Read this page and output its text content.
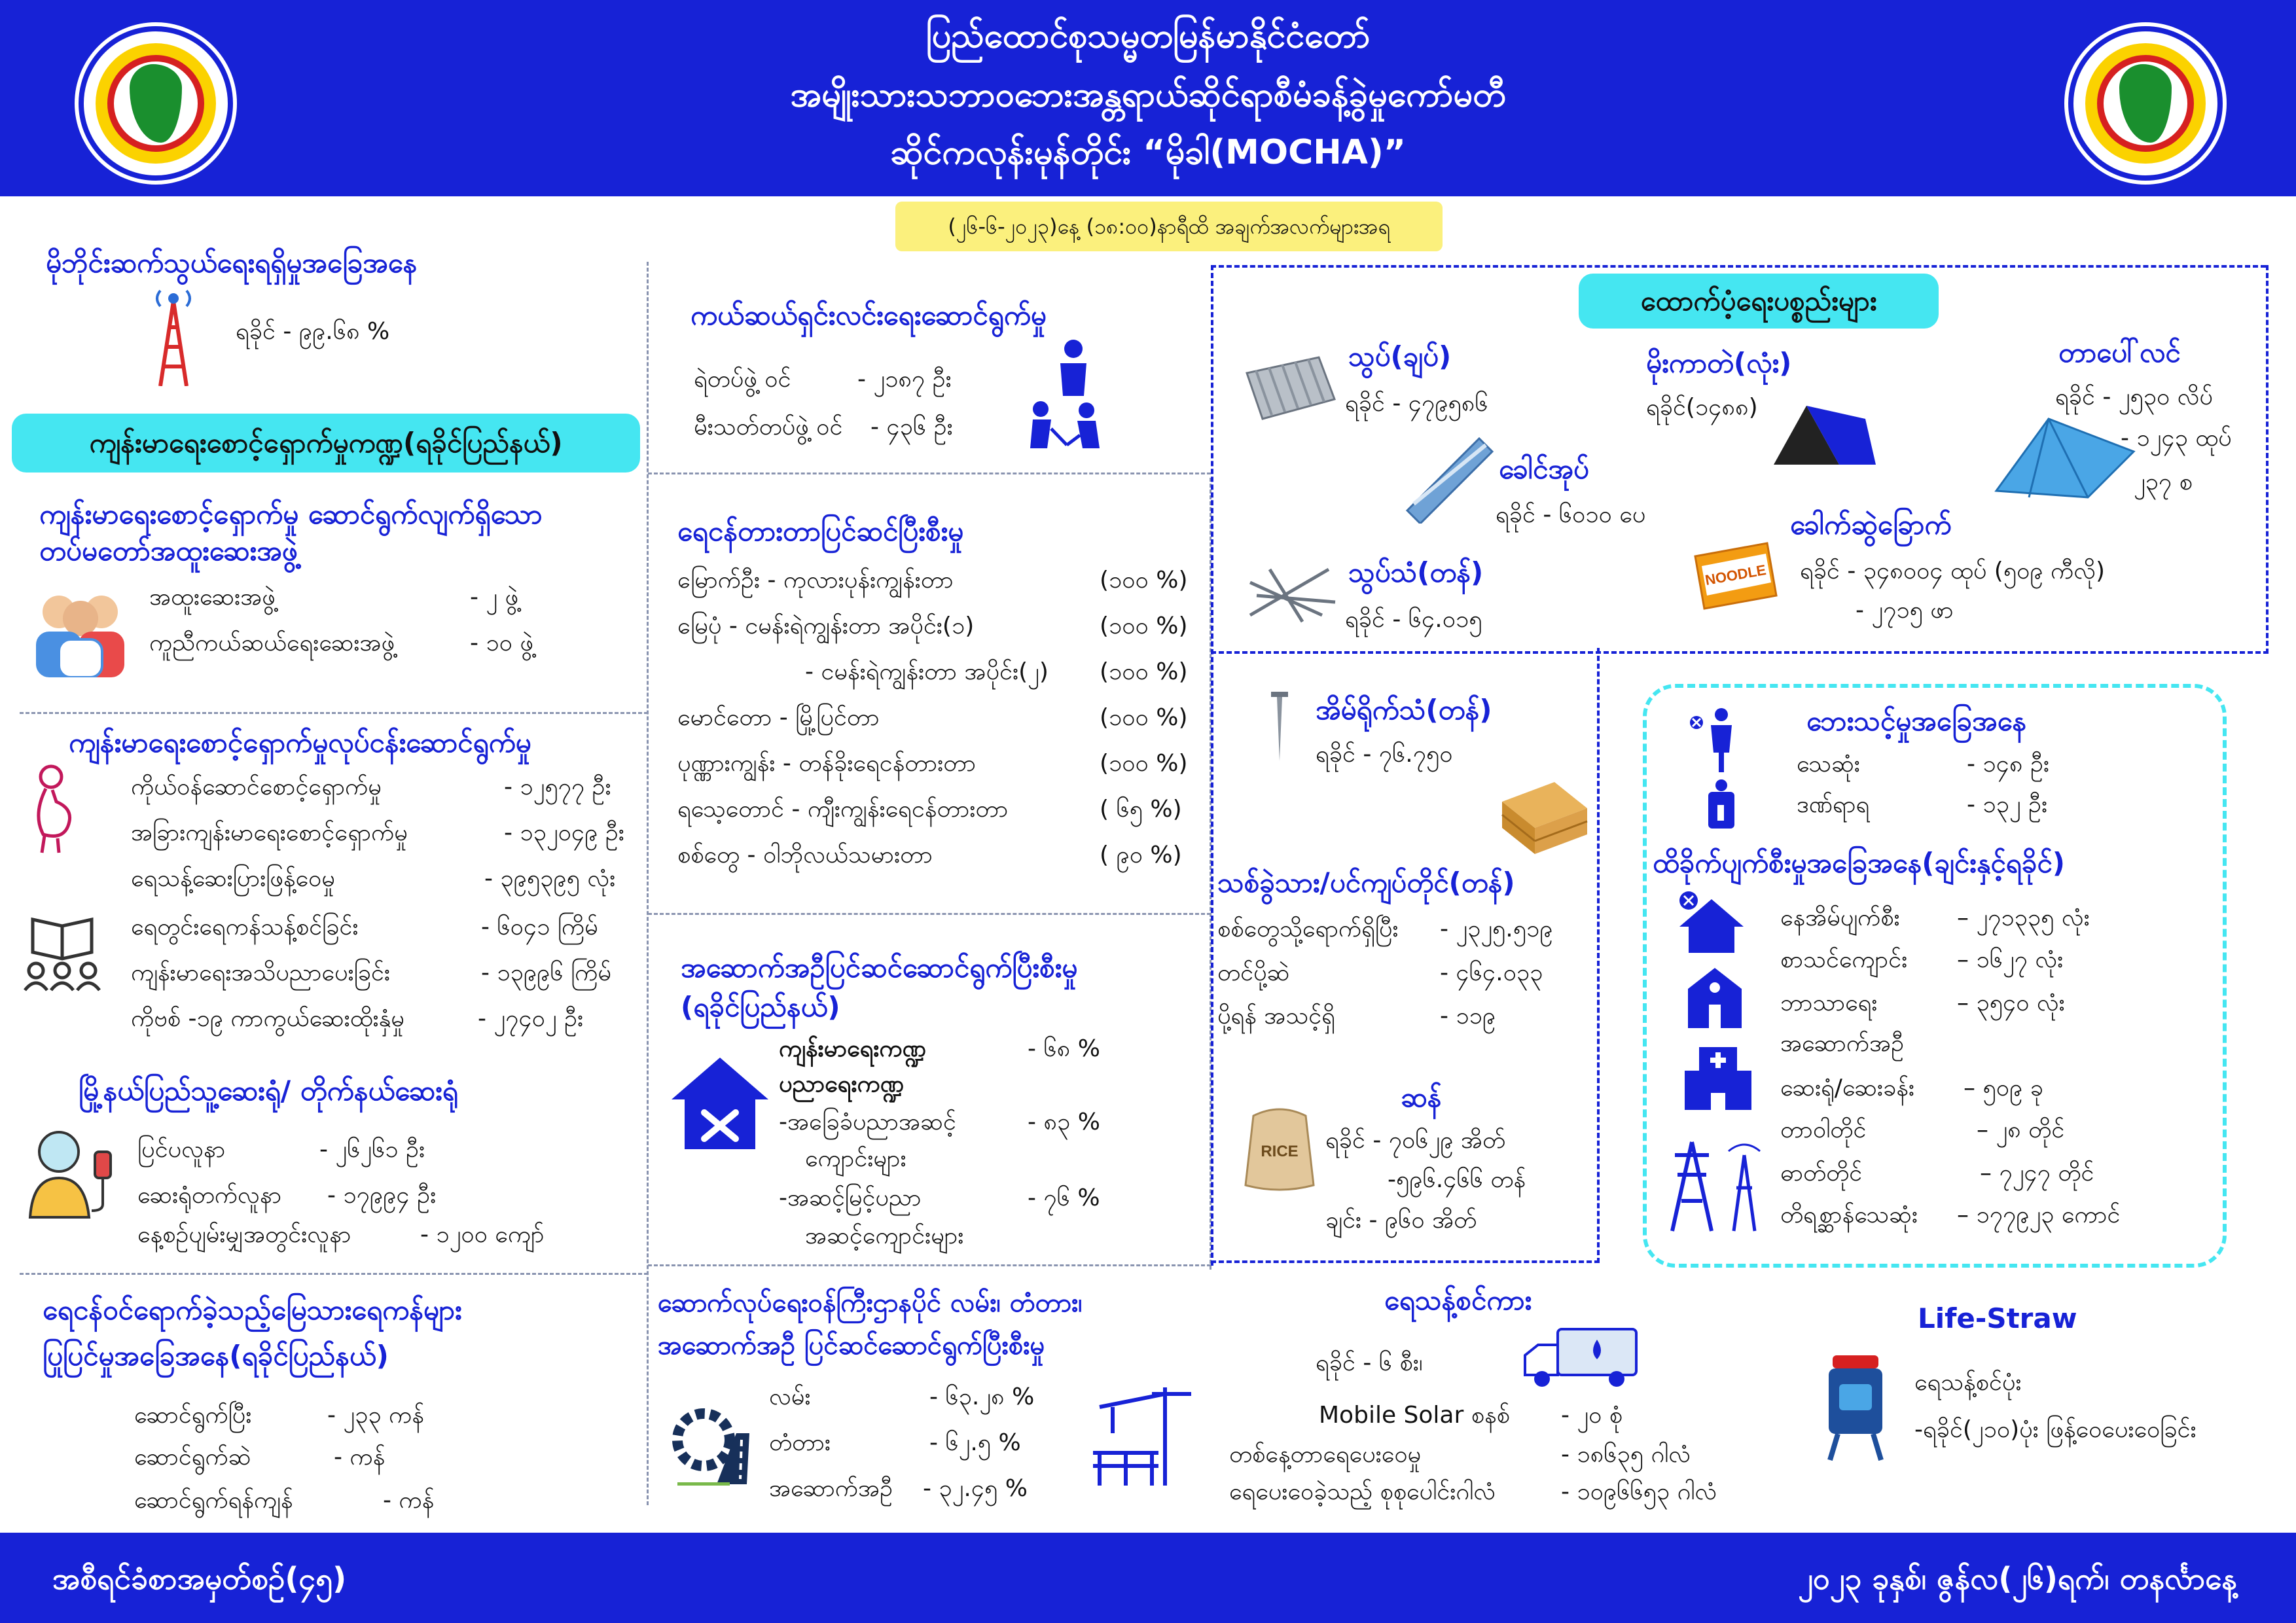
ပြည်ထောင်စုသမ္မတမြန်မာနိုင်ငံတော်
အမျိုးသားသဘာဝဘေးအန္တရာယ်ဆိုင်ရာစီမံခန့်ခွဲမှုကော်မတီ
ဆိုင်ကလုန်းမုန်တိုင်း “မိုခါ(MOCHA)”
(၂၆-၆-၂၀၂၃)နေ့ (၁၈:၀၀)နာရီထိ အချက်အလက်များအရ
မိုဘိုင်းဆက်သွယ်ရေးရရှိမှုအခြေအနေ
ရခိုင် - ၉၉.၆၈ %
ကျန်းမာရေးစောင့်ရှောက်မှုကဏ္ဍ(ရခိုင်ပြည်နယ်)
ကျန်းမာရေးစောင့်ရှောက်မှု ဆောင်ရွက်လျက်ရှိသော တပ်မတော်အထူးဆေးအဖွဲ့
အထူးဆေးအဖွဲ့	- ၂ ဖွဲ့
ကူညီကယ်ဆယ်ရေးဆေးအဖွဲ့	- ၁၀ ဖွဲ့
ကျန်းမာရေးစောင့်ရှောက်မှုလုပ်ငန်းဆောင်ရွက်မှု
ကိုယ်ဝန်ဆောင်စောင့်ရှောက်မှု	- ၁၂၅၇၇ ဦး
အခြားကျန်းမာရေးစောင့်ရှောက်မှု	- ၁၃၂၀၄၉ ဦး
ရေသန့်ဆေးပြားဖြန့်ဝေမှု	- ၃၉၅၃၉၅ လုံး
ရေတွင်းရေကန်သန့်စင်ခြင်း	- ၆၀၄၁ ကြိမ်
ကျန်းမာရေးအသိပညာပေးခြင်း	- ၁၃၉၉၆ ကြိမ်
ကိုဗစ် -၁၉ ကာကွယ်ဆေးထိုးနှံမှု	- ၂၇၄၀၂ ဦး
မြို့နယ်ပြည်သူ့ဆေးရုံ/ တိုက်နယ်ဆေးရုံ
ပြင်ပလူနာ	- ၂၆၂၆၁ ဦး
ဆေးရုံတက်လူနာ - ၁၇၉၉၄ ဦး
နေ့စဉ်ပျမ်းမျှအတွင်းလူနာ	- ၁၂၀၀ ကျော်
ရေငန်ဝင်ရောက်ခဲ့သည့်မြေသားရေကန်များ
ပြုပြင်မှုအခြေအနေ(ရခိုင်ပြည်နယ်)
ဆောင်ရွက်ပြီး	- ၂၃၃ ကန်
ဆောင်ရွက်ဆဲ	- ကန်
ဆောင်ရွက်ရန်ကျန်	- ကန်
ကယ်ဆယ်ရှင်းလင်းရေးဆောင်ရွက်မှု
ရဲတပ်ဖွဲ့ ဝင်	- ၂၁၈၇ ဦး
မီးသတ်တပ်ဖွဲ့ ဝင် - ၄၃၆ ဦး
ရေငန်တားတာပြင်ဆင်ပြီးစီးမှု
မြောက်ဦး - ကုလားပုန်းကျွန်းတာ	(၁၀၀ %)
မြေပုံ - ငမန်းရဲကျွန်းတာ အပိုင်း(၁)	(၁၀၀ %)
- ငမန်းရဲကျွန်းတာ အပိုင်း(၂) (၁၀၀ %)
မောင်တော - မြို့ပြင်တာ	(၁၀၀ %)
ပုဏ္ဏားကျွန်း - တန်ခိုးရေငန်တားတာ	(၁၀၀ %)
ရသေ့တောင် - ကျီးကျွန်းရေငန်တားတာ	( ၆၅ %)
စစ်တွေ - ဝါဘိုလယ်သမားတာ	( ၉၀ %)
အဆောက်အဦပြင်ဆင်ဆောင်ရွက်ပြီးစီးမှု
(ရခိုင်ပြည်နယ်)
ကျန်းမာရေးကဏ္ဍ	- ၆၈ %
ပညာရေးကဏ္ဍ
-အခြေခံပညာအဆင့်	- ၈၃ %
ကျောင်းများ
-အဆင့်မြင့်ပညာ	- ၇၆ %
အဆင့်ကျောင်းများ
ဆောက်လုပ်ရေးဝန်ကြီးဌာနပိုင် လမ်း၊ တံတား၊
အဆောက်အဦ ပြင်ဆင်ဆောင်ရွက်ပြီးစီးမှု
လမ်း	- ၆၃.၂၈ %
တံတား	- ၆၂.၅ %
အဆောက်အဦ - ၃၂.၄၅ %
ထောက်ပံ့ရေးပစ္စည်းများ
သွပ်(ချပ်)
ရခိုင် - ၄၇၉၅၈၆
ခေါင်အုပ်
ရခိုင် - ၆၀၁၀ ပေ
သွပ်သံ(တန်)
ရခိုင် - ၆၄.၀၁၅
အိမ်ရိုက်သံ(တန်)
ရခိုင် - ၇၆.၇၅၀
မိုးကာတဲ(လုံး)
ရခိုင်(၁၄၈၈)
တာပေါ်လင်
ရခိုင် - ၂၅၃၀ လိပ်
- ၁၂၄၃ ထုပ်
၂၃၇ စ
NOODLE
ခေါက်ဆွဲခြောက်
ရခိုင် - ၃၄၈၀၀၄ ထုပ် (၅၀၉ ကီလို)
- ၂၇၁၅ ဖာ
သစ်ခွဲသား/ပင်ကျပ်တိုင်(တန်)
စစ်တွေသို့ရောက်ရှိပြီး - ၂၃၂၅.၅၁၉
တင်ပို့ဆဲ	- ၄၆၄.၀၃၃
ပို့ရန် အသင့်ရှိ	- ၁၁၉
ဆန်
RICE ရခိုင် - ၇၀၆၂၉ အိတ်
-၅၉၆.၄၆၆ တန်
ချင်း - ၉၆၀ အိတ်
ဘေးသင့်မှုအခြေအနေ
သေဆုံး	- ၁၄၈ ဦး
ဒဏ်ရာရ	- ၁၃၂ ဦး
ထိခိုက်ပျက်စီးမှုအခြေအနေ(ချင်းနှင့်ရခိုင်)
နေအိမ်ပျက်စီး – ၂၇၁၃၃၅ လုံး
စာသင်ကျောင်း – ၁၆၂၇ လုံး
ဘာသာရေး	– ၃၅၄၀ လုံး
အဆောက်အဦ
ဆေးရုံ/ဆေးခန်း – ၅၀၉ ခု
တာဝါတိုင်	– ၂၈ တိုင်
ဓာတ်တိုင်	– ၇၂၄၇ တိုင်
တိရစ္ဆာန်သေဆုံး – ၁၇၇၉၂၃ ကောင်
ရေသန့်စင်ကား
ရခိုင် - ၆ စီး၊
Mobile Solar စနစ် - ၂၀ စုံ
တစ်နေ့တာရေပေးဝေမှု	- ၁၈၆၃၅ ဂါလံ
ရေပေးဝေခဲ့သည့် စုစုပေါင်းဂါလံ	- ၁၀၉၆၆၅၃ ဂါလံ
Life-Straw
ရေသန့်စင်ပုံး
-ရခိုင်(၂၁၀)ပုံး ဖြန့်ဝေပေးဝေခြင်း
အစီရင်ခံစာအမှတ်စဉ်(၄၅)	၂၀၂၃ ခုနှစ်၊ ဇွန်လ(၂၆)ရက်၊ တနင်္လာနေ့
